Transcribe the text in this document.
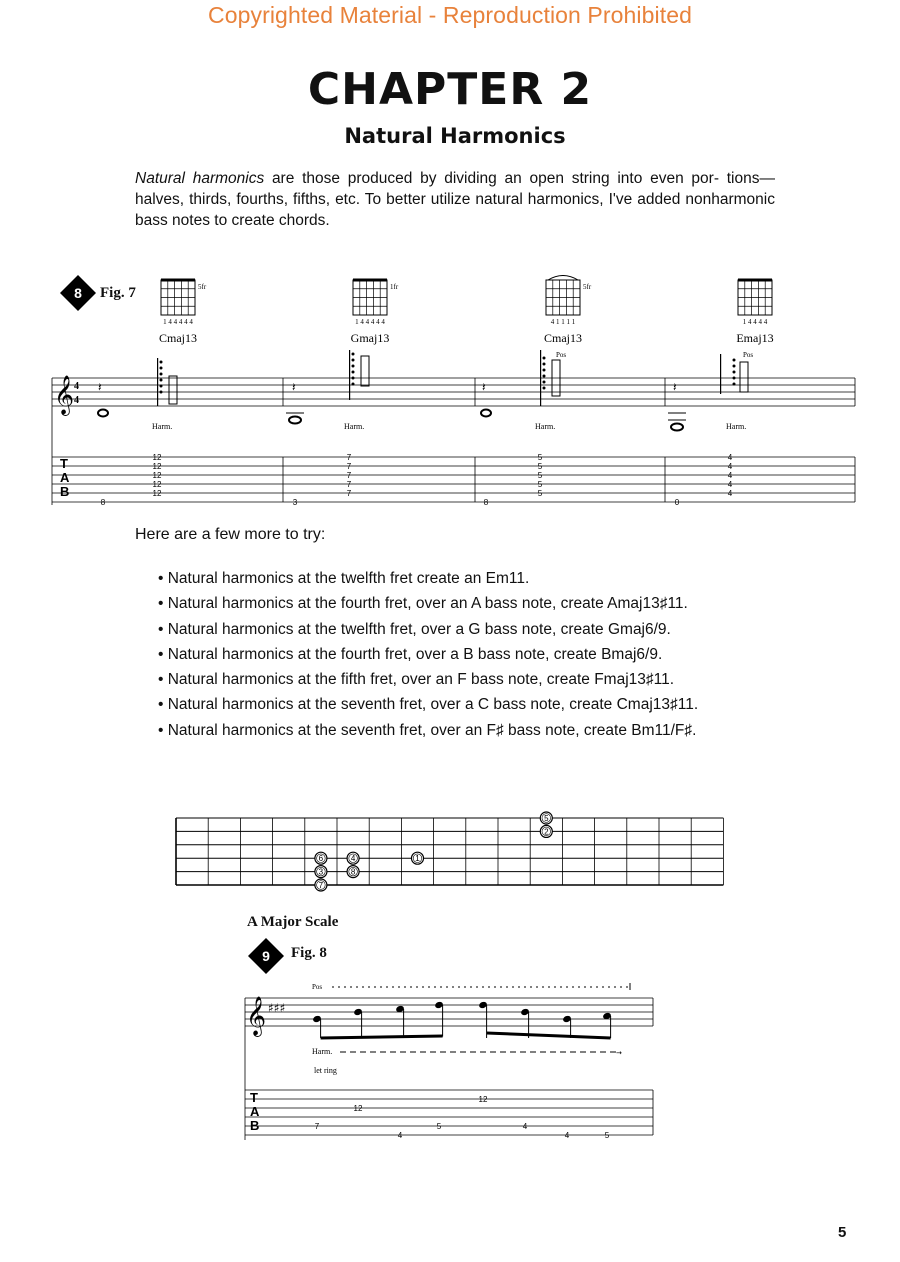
Copyrighted Material - Reproduction Prohibited
CHAPTER 2
Natural Harmonics
Natural harmonics are those produced by dividing an open string into even por- tions—halves, thirds, fourths, fifths, etc. To better utilize natural harmonics, I've added nonharmonic bass notes to create chords.
8 Fig. 7	5fr
1 4 4 4 4 4
Cmaj13
1fr
1 4 4 4 4 4
Gmaj13
5fr
4 1 1 1 1
Cmaj13
Pos
1 4 4 4 4
Emaj13
Pos
𝄞 4
4
𝄽	𝄽	𝄽	𝄽
Harm.	Harm.	Harm.	Harm.
T
A
B
8	3	8	0
12
12
12
12
12
7
7
7
7
7
5
5
5
5
5
4
4
4
4
4
Here are a few more to try:
• Natural harmonics at the twelfth fret create an Em11.
• Natural harmonics at the fourth fret, over an A bass note, create Amaj13♯11.
• Natural harmonics at the twelfth fret, over a G bass note, create Gmaj6/9.
• Natural harmonics at the fourth fret, over a B bass note, create Bmaj6/9.
• Natural harmonics at the fifth fret, over an F bass note, create Fmaj13♯11.
• Natural harmonics at the seventh fret, over a C bass note, create Cmaj13♯11.
• Natural harmonics at the seventh fret, over an F♯ bass note, create Bm11/F♯.
5
2
6	4	1
3	8
7
A Major Scale
9 Fig. 8
Pos
𝄞 ♯♯♯
Harm.	→
let ring
T
A
B	7
12
4
5
12
4
4	5
5
